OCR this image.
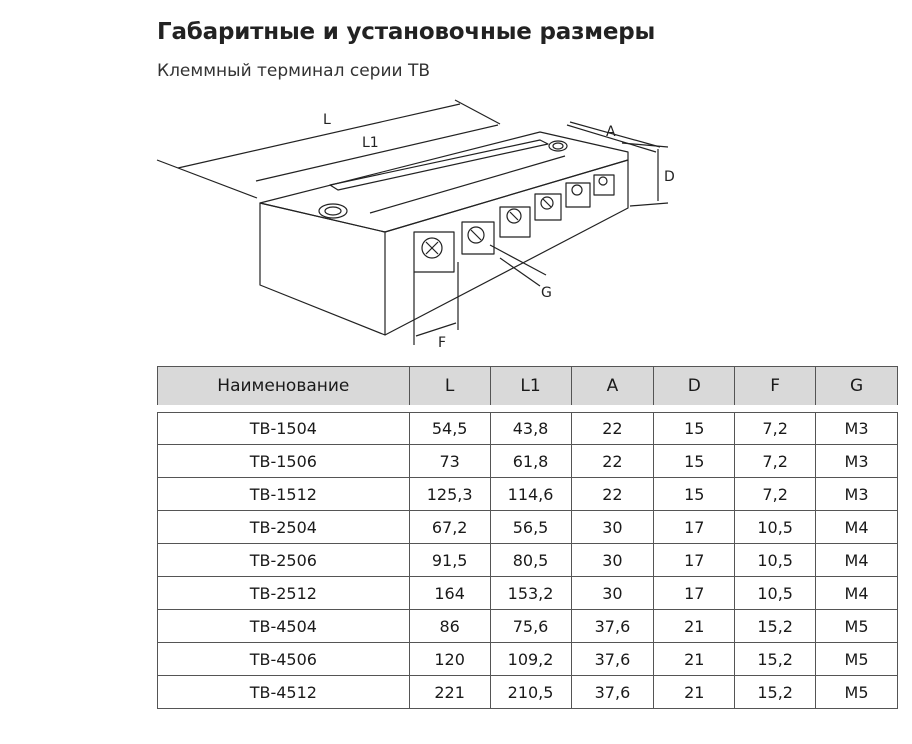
Габаритные и установочные размеры

Клеммный терминал серии ТВ

L
L1
A
D
G
F
Наименование	L	L1	A	D	F	G
ТВ-1504	54,5	43,8	22	15	7,2	M3
ТВ-1506	73	61,8	22	15	7,2	M3
ТВ-1512	125,3	114,6	22	15	7,2	M3
ТВ-2504	67,2	56,5	30	17	10,5	M4
ТВ-2506	91,5	80,5	30	17	10,5	M4
ТВ-2512	164	153,2	30	17	10,5	M4
ТВ-4504	86	75,6	37,6	21	15,2	M5
ТВ-4506	120	109,2	37,6	21	15,2	M5
ТВ-4512	221	210,5	37,6	21	15,2	M5
